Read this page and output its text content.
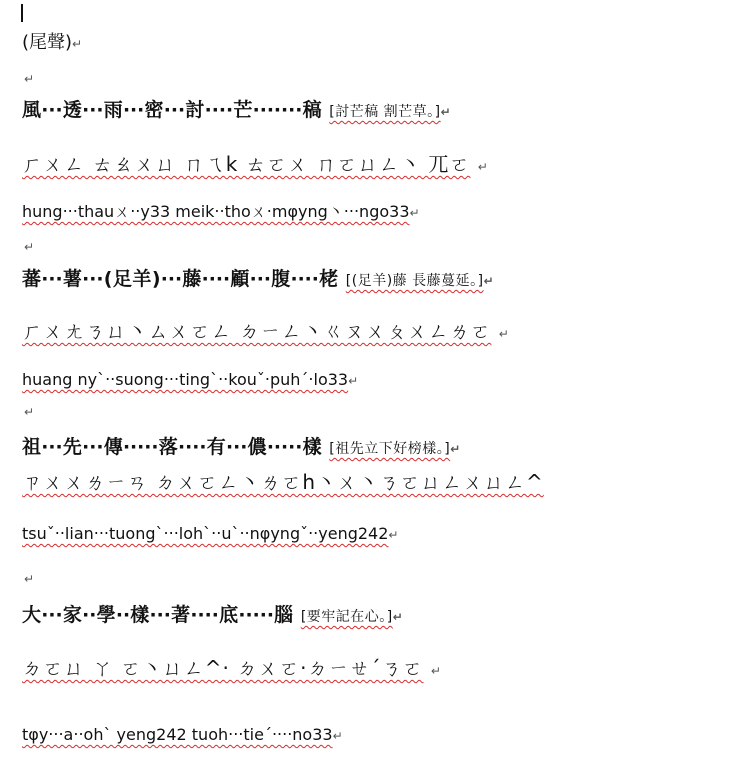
(尾聲)↵
↵
風‧‧‧透‧‧‧雨‧‧‧密‧‧‧討‧‧‧‧芒‧‧‧‧‧‧‧稿 [討芒稿 割芒草。]↵
ㄏㄨㄥ ㄊㄠㄨㄩ ㄇㄟk ㄊㄛㄨ ㄇㄛㄩㄥ丶 ㄫㄛ ↵
hung‧‧‧thauㄨ‧‧y33 meik‧‧thoㄨ‧mφyng丶‧‧‧ngo33↵
↵
蕃‧‧‧薯‧‧‧(足羊)‧‧‧藤‧‧‧‧顧‧‧‧腹‧‧‧‧栳 [(足羊)藤 長藤蔓延。]↵
ㄏㄨㄤㄋㄩ丶ㄙㄨㄛㄥ ㄉㄧㄥ丶ㄍㄡㄨㄆㄨㄥㄌㄛ ↵
huang nyˋ‧‧suong‧‧‧tingˋ‧‧kouˇ‧puhˊ‧lo33↵
↵
祖‧‧‧先‧‧‧傳‧‧‧‧‧落‧‧‧‧有‧‧‧儂‧‧‧‧‧樣 [祖先立下好榜樣。]↵
ㄗㄨㄨㄌㄧㄢ ㄉㄨㄛㄥ丶ㄌㄛh丶ㄨ丶ㄋㄛㄩㄥㄨㄩㄥ^
tsuˇ‧‧lian‧‧‧tuongˋ‧‧‧lohˋ‧‧uˋ‧‧nφyngˇ‧‧yeng242↵
↵
大‧‧‧家‧‧學‧‧樣‧‧‧著‧‧‧‧底‧‧‧‧‧腦 [要牢記在心。]↵
ㄉㄛㄩ ㄚ ㄛ丶ㄩㄥ^‧ ㄉㄨㄛ‧ㄉㄧㄝˊㄋㄛ ↵
tφy‧‧‧a‧‧oh` yeng242 tuoh‧‧‧tieˊ‧‧‧‧no33↵
